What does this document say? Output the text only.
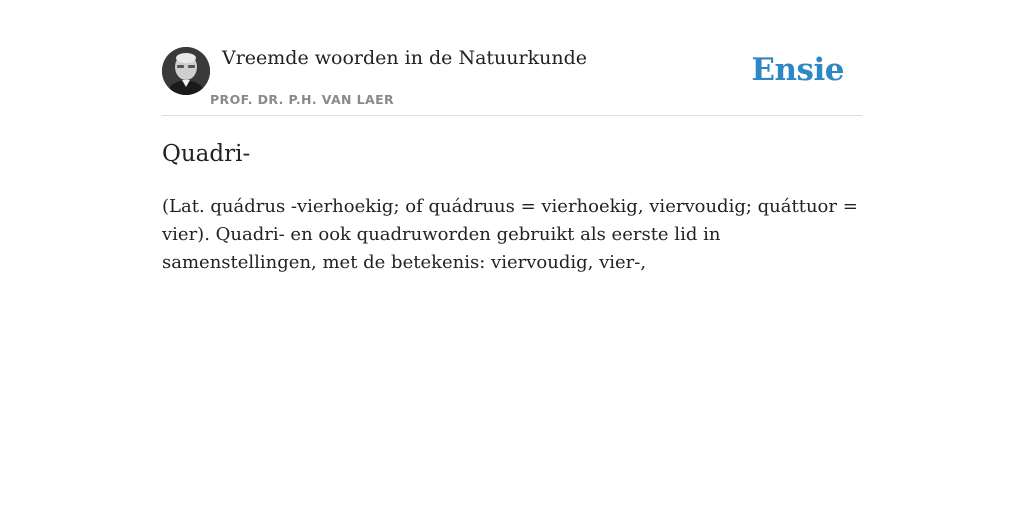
Vreemde woorden in de Natuurkunde
PROF. DR. P.H. VAN LAER
Ensie
Quadri-

(Lat. quádrus -vierhoekig; of quádruus = vierhoekig, viervoudig; quáttuor = vier). Quadri- en ook quadruworden gebruikt als eerste lid in samenstellingen, met de betekenis: viervoudig, vier-,
